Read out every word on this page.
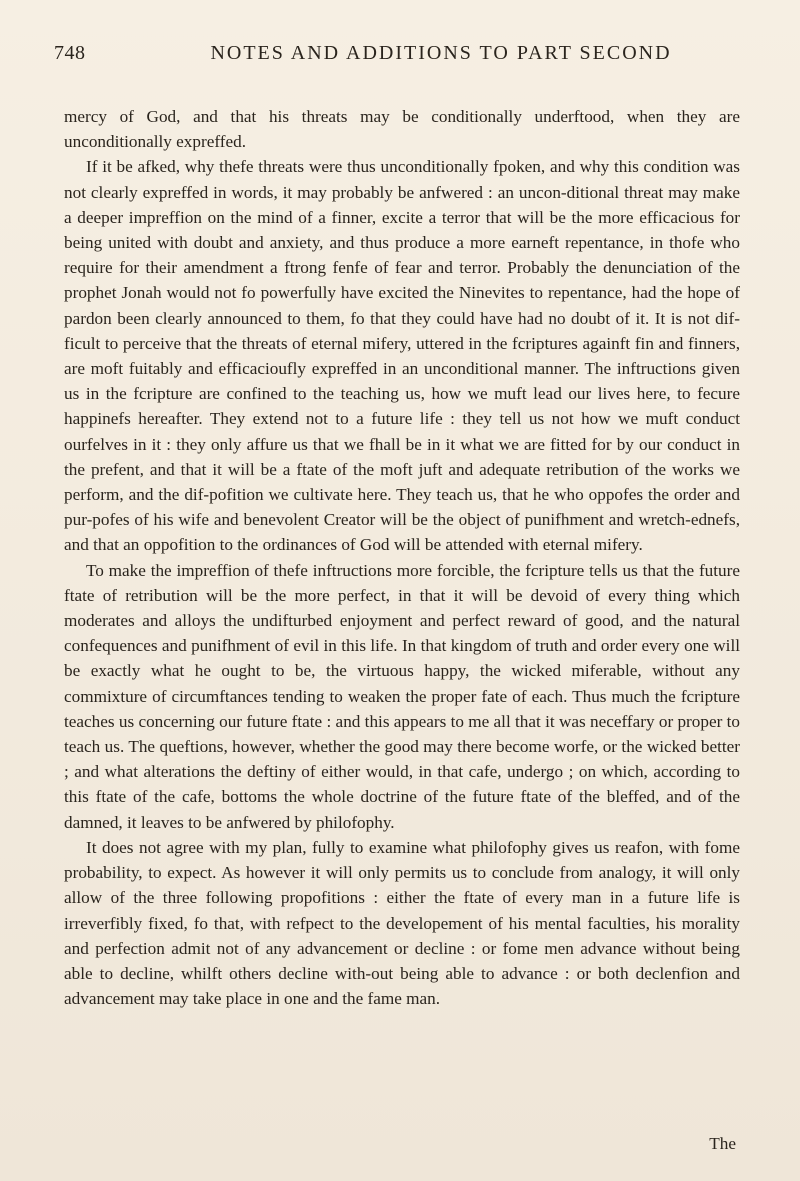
748	NOTES AND ADDITIONS TO PART SECOND

mercy of God, and that his threats may be conditionally underftood, when they are unconditionally expreffed.

If it be afked, why thefe threats were thus unconditionally fpoken, and why this condition was not clearly expreffed in words, it may probably be anfwered : an uncon-ditional threat may make a deeper impreffion on the mind of a finner, excite a terror that will be the more efficacious for being united with doubt and anxiety, and thus produce a more earneft repentance, in thofe who require for their amendment a ftrong fenfe of fear and terror. Probably the denunciation of the prophet Jonah would not fo powerfully have excited the Ninevites to repentance, had the hope of pardon been clearly announced to them, fo that they could have had no doubt of it. It is not dif-ficult to perceive that the threats of eternal mifery, uttered in the fcriptures againft fin and finners, are moft fuitably and efficacioufly expreffed in an unconditional manner. The inftructions given us in the fcripture are confined to the teaching us, how we muft lead our lives here, to fecure happinefs hereafter. They extend not to a future life : they tell us not how we muft conduct ourfelves in it : they only affure us that we fhall be in it what we are fitted for by our conduct in the prefent, and that it will be a ftate of the moft juft and adequate retribution of the works we perform, and the dif-pofition we cultivate here. They teach us, that he who oppofes the order and pur-pofes of his wife and benevolent Creator will be the object of punifhment and wretch-ednefs, and that an oppofition to the ordinances of God will be attended with eternal mifery.

To make the impreffion of thefe inftructions more forcible, the fcripture tells us that the future ftate of retribution will be the more perfect, in that it will be devoid of every thing which moderates and alloys the undifturbed enjoyment and perfect reward of good, and the natural confequences and punifhment of evil in this life. In that kingdom of truth and order every one will be exactly what he ought to be, the virtuous happy, the wicked miferable, without any commixture of circumftances tending to weaken the proper fate of each. Thus much the fcripture teaches us concerning our future ftate : and this appears to me all that it was neceffary or proper to teach us. The queftions, however, whether the good may there become worfe, or the wicked better ; and what alterations the deftiny of either would, in that cafe, undergo ; on which, according to this ftate of the cafe, bottoms the whole doctrine of the future ftate of the bleffed, and of the damned, it leaves to be anfwered by philofophy.

It does not agree with my plan, fully to examine what philofophy gives us reafon, with fome probability, to expect. As however it will only permits us to conclude from analogy, it will only allow of the three following propofitions : either the ftate of every man in a future life is irreverfibly fixed, fo that, with refpect to the developement of his mental faculties, his morality and perfection admit not of any advancement or decline : or fome men advance without being able to decline, whilft others decline with-out being able to advance : or both declenfion and advancement may take place in one and the fame man.

The
